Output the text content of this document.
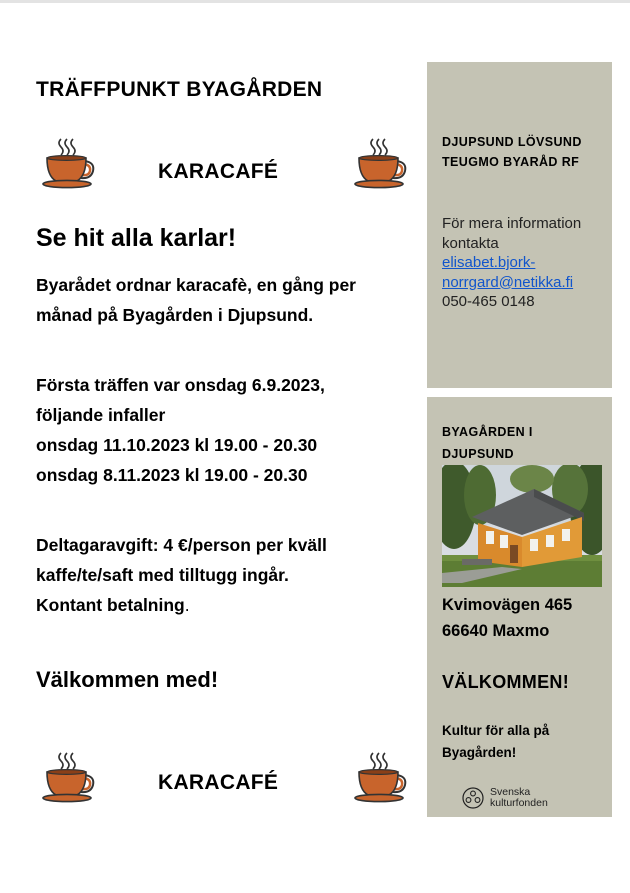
TRÄFFPUNKT BYAGÅRDEN
KARACAFÉ
Se hit alla karlar!
Byarådet ordnar karacafè, en gång per
månad på Byagården i Djupsund.
Första träffen var onsdag 6.9.2023,
följande infaller
onsdag 11.10.2023 kl 19.00 - 20.30
onsdag 8.11.2023 kl 19.00 - 20.30
Deltagaravgift: 4 €/person per kväll
kaffe/te/saft med tilltugg ingår.
Kontant betalning.
Välkommen med!
KARACAFÉ
DJUPSUND LÖVSUND
TEUGMO BYARÅD RF
För mera information
kontakta
elisabet.bjork-
norrgard@netikka.fi
050-465 0148
BYAGÅRDEN I
DJUPSUND
Kvimovägen 465
66640 Maxmo
VÄLKOMMEN!
Kultur för alla på
Byagården!
Svenska
kulturfonden
